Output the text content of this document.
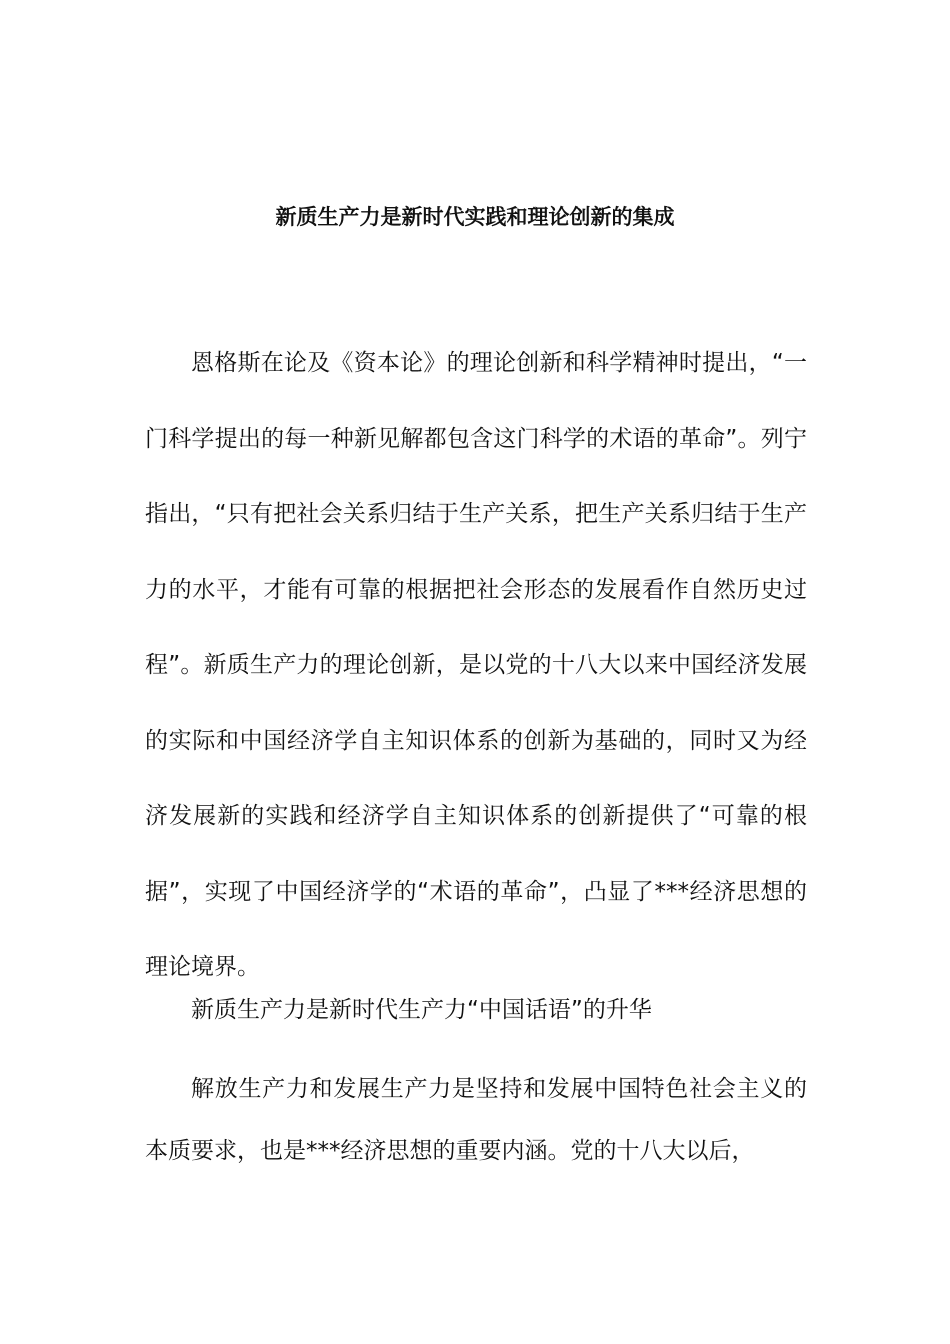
新质生产力是新时代实践和理论创新的集成

恩格斯在论及《资本论》的理论创新和科学精神时提出，“一门科学提出的每一种新见解都包含这门科学的术语的革命”。列宁指出，“只有把社会关系归结于生产关系，把生产关系归结于生产力的水平，才能有可靠的根据把社会形态的发展看作自然历史过程”。新质生产力的理论创新，是以党的十八大以来中国经济发展的实际和中国经济学自主知识体系的创新为基础的，同时又为经济发展新的实践和经济学自主知识体系的创新提供了“可靠的根据”，实现了中国经济学的“术语的革命”，凸显了***经济思想的理论境界。

新质生产力是新时代生产力“中国话语”的升华

解放生产力和发展生产力是坚持和发展中国特色社会主义的本质要求，也是***经济思想的重要内涵。党的十八大以后，
